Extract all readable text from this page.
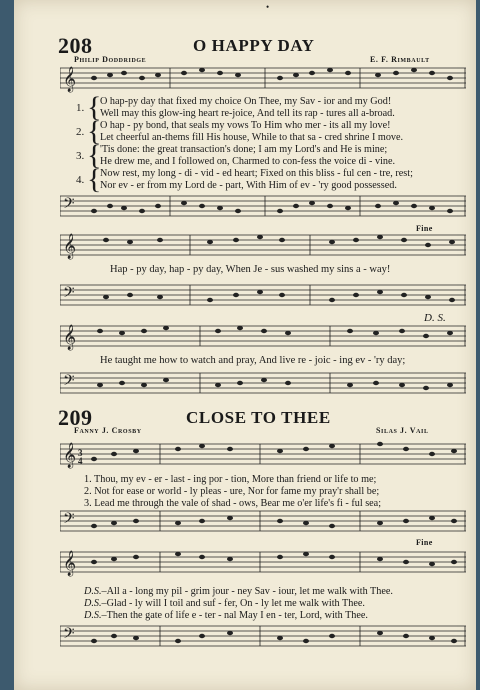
•
208	O HAPPY DAY
Philip Doddridge	E. F. Rimbault
𝄞
1.
2.
3.
4.
{
{
{
{
O hap-py day that fixed my choice On Thee, my Sav - ior and my God!
Well may this glow-ing heart re-joice, And tell its rap - tures all a-broad.
O hap - py bond, that seals my vows To Him who mer - its all my love!
Let cheerful an-thems fill His house, While to that sa - cred shrine I move.
'Tis done: the great transaction's done; I am my Lord's and He is mine;
He drew me, and I followed on, Charmed to con-fess the voice di - vine.
Now rest, my long - di - vid - ed heart; Fixed on this bliss - ful cen - tre, rest;
Nor ev - er from my Lord de - part, With Him of ev - 'ry good possessed.
𝄢
Fine
𝄞
Hap - py day, hap - py day, When Je - sus washed my sins a - way!
𝄢
𝄞
D. S.
He taught me how to watch and pray, And live re - joic - ing ev - 'ry day;
𝄢
209	CLOSE TO THEE
Fanny J. Crosby	Silas J. Vail
𝄞 3
4
1. Thou, my ev - er - last - ing por - tion, More than friend or life to me;
2. Not for ease or world - ly pleas - ure, Nor for fame my pray'r shall be;
3. Lead me through the vale of shad - ows, Bear me o'er life's fi - ful sea;
𝄢
Fine
𝄞
D.S.–All a - long my pil - grim jour - ney Sav - iour, let me walk with Thee.
D.S.–Glad - ly will I toil and suf - fer, On - ly let me walk with Thee.
D.S.–Then the gate of life e - ter - nal May I en - ter, Lord, with Thee.
𝄢
